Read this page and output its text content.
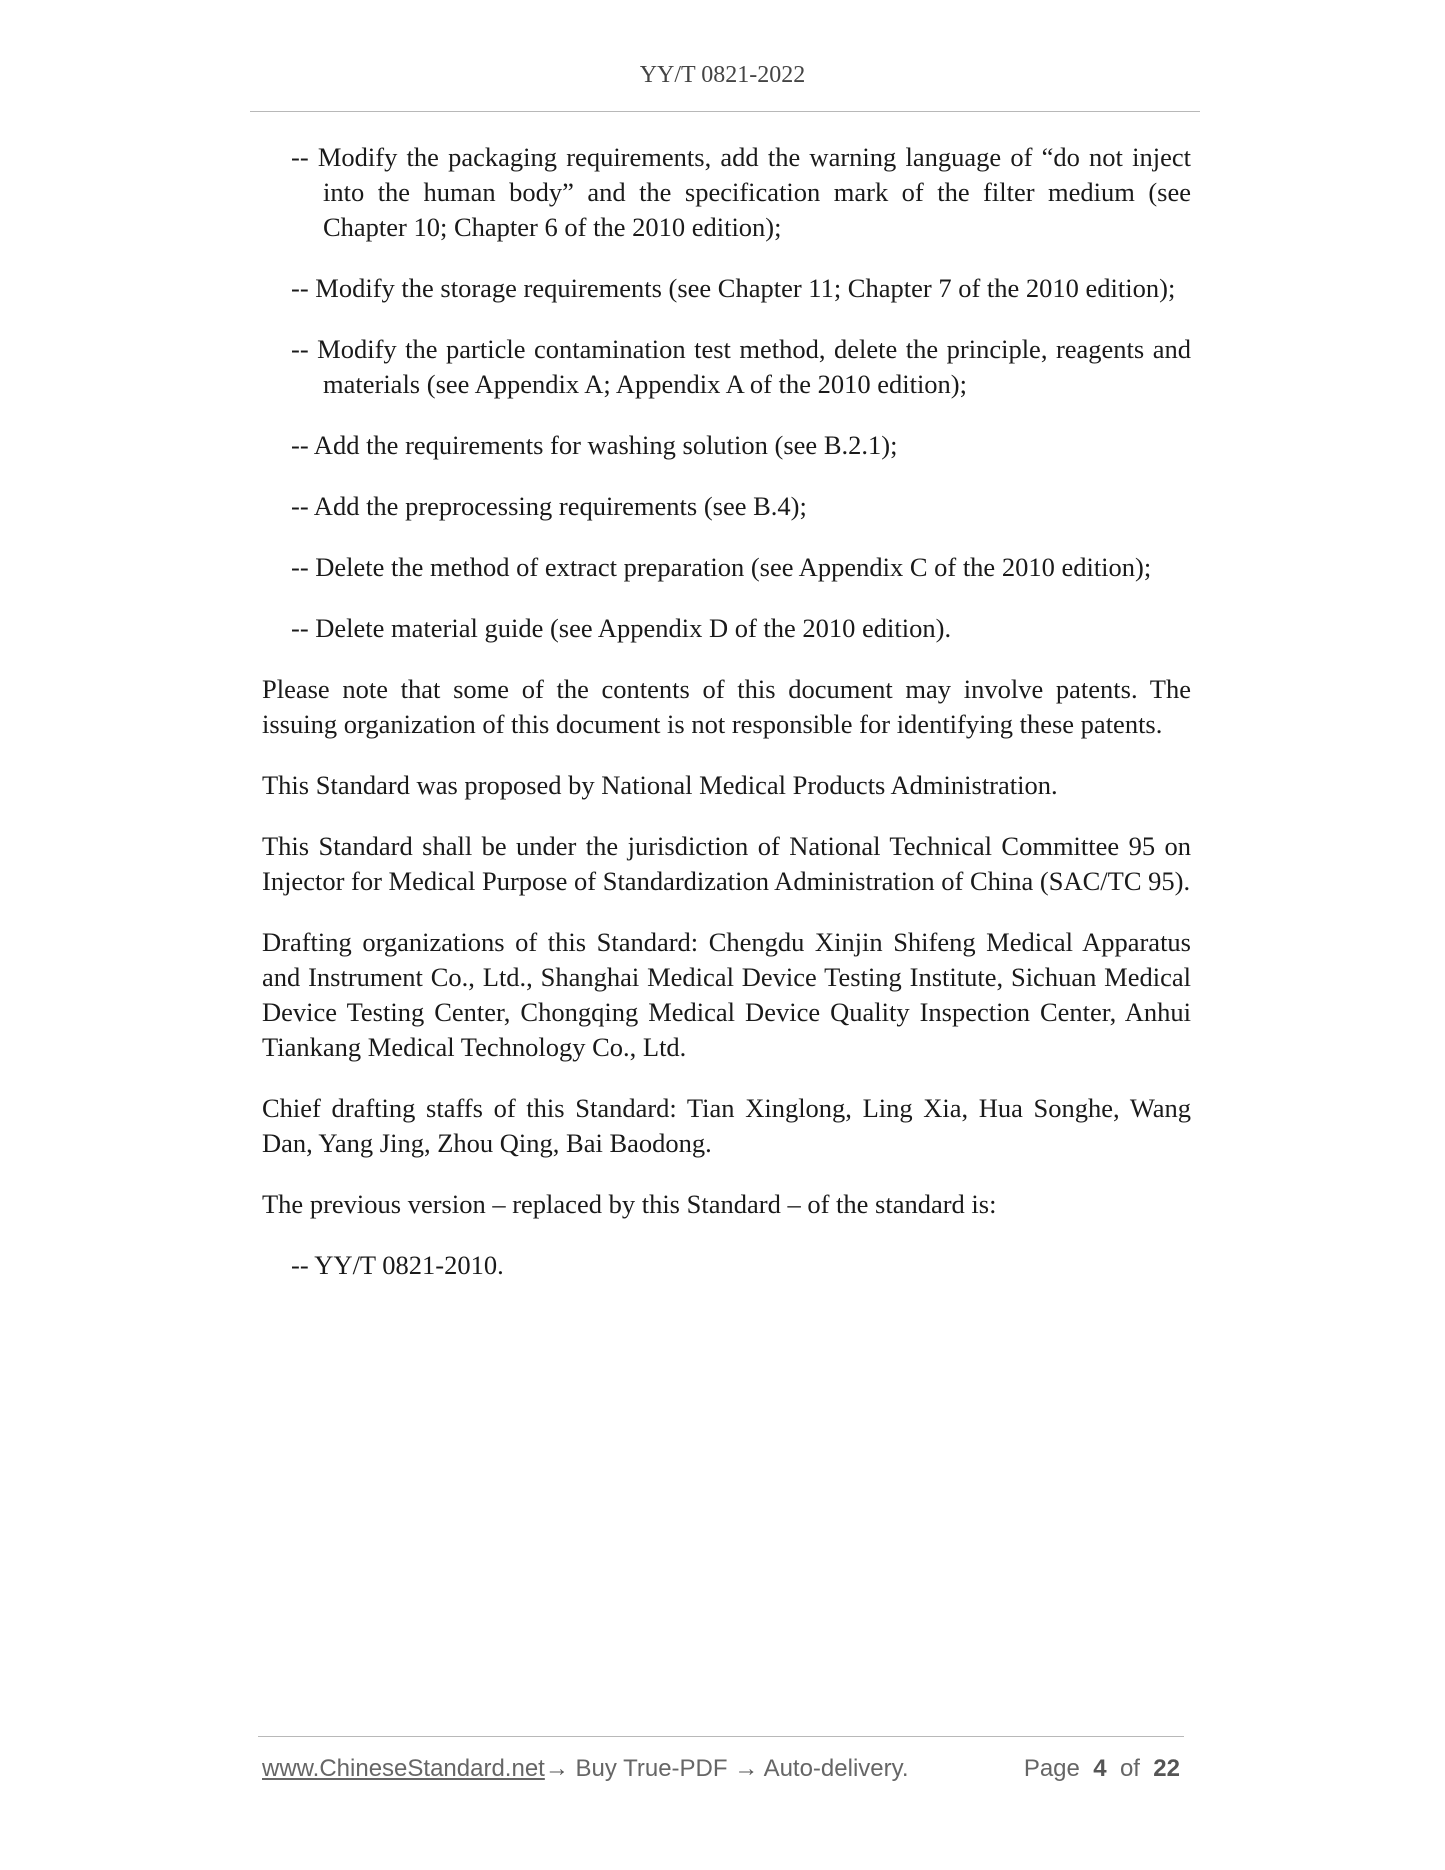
YY/T 0821-2022

-- Modify the packaging requirements, add the warning language of “do not inject into the human body” and the specification mark of the filter medium (see Chapter 10; Chapter 6 of the 2010 edition);

-- Modify the storage requirements (see Chapter 11; Chapter 7 of the 2010 edition);

-- Modify the particle contamination test method, delete the principle, reagents and materials (see Appendix A; Appendix A of the 2010 edition);

-- Add the requirements for washing solution (see B.2.1);

-- Add the preprocessing requirements (see B.4);

-- Delete the method of extract preparation (see Appendix C of the 2010 edition);

-- Delete material guide (see Appendix D of the 2010 edition).

Please note that some of the contents of this document may involve patents. The issuing organization of this document is not responsible for identifying these patents.

This Standard was proposed by National Medical Products Administration.

This Standard shall be under the jurisdiction of National Technical Committee 95 on Injector for Medical Purpose of Standardization Administration of China (SAC/TC 95).

Drafting organizations of this Standard: Chengdu Xinjin Shifeng Medical Apparatus and Instrument Co., Ltd., Shanghai Medical Device Testing Institute, Sichuan Medical Device Testing Center, Chongqing Medical Device Quality Inspection Center, Anhui Tiankang Medical Technology Co., Ltd.

Chief drafting staffs of this Standard: Tian Xinglong, Ling Xia, Hua Songhe, Wang Dan, Yang Jing, Zhou Qing, Bai Baodong.

The previous version – replaced by this Standard – of the standard is:

-- YY/T 0821-2010.

www.ChineseStandard.net→ Buy True-PDF → Auto-delivery.	Page 4 of 22
